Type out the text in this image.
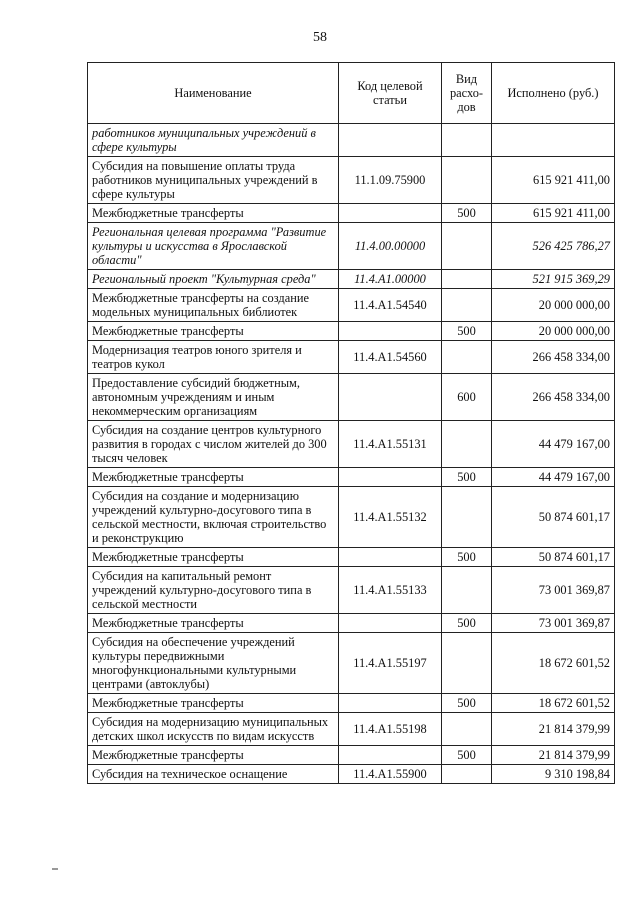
58
Наименование	Код целевой статьи	Вид расхо-дов	Исполнено (руб.)
работников муниципальных учреждений в сфере культуры			
Субсидия на повышение оплаты труда работников муниципальных учреждений в сфере культуры	11.1.09.75900		615 921 411,00
Межбюджетные трансферты		500	615 921 411,00
Региональная целевая программа "Развитие культуры и искусства в Ярославской области"	11.4.00.00000		526 425 786,27
Региональный проект "Культурная среда"	11.4.A1.00000		521 915 369,29
Межбюджетные трансферты на создание модельных муниципальных библиотек	11.4.A1.54540		20 000 000,00
Межбюджетные трансферты		500	20 000 000,00
Модернизация театров юного зрителя и театров кукол	11.4.A1.54560		266 458 334,00
Предоставление субсидий бюджетным, автономным учреждениям и иным некоммерческим организациям		600	266 458 334,00
Субсидия на создание центров культурного развития в городах с числом жителей до 300 тысяч человек	11.4.A1.55131		44 479 167,00
Межбюджетные трансферты		500	44 479 167,00
Субсидия на создание и модернизацию учреждений культурно-досугового типа в сельской местности, включая строительство и реконструкцию	11.4.A1.55132		50 874 601,17
Межбюджетные трансферты		500	50 874 601,17
Субсидия на капитальный ремонт учреждений культурно-досугового типа в сельской местности	11.4.A1.55133		73 001 369,87
Межбюджетные трансферты		500	73 001 369,87
Субсидия на обеспечение учреждений культуры передвижными многофункциональными культурными центрами (автоклубы)	11.4.A1.55197		18 672 601,52
Межбюджетные трансферты		500	18 672 601,52
Субсидия на модернизацию муниципальных детских школ искусств по видам искусств	11.4.A1.55198		21 814 379,99
Межбюджетные трансферты		500	21 814 379,99
Субсидия на техническое оснащение	11.4.A1.55900		9 310 198,84
